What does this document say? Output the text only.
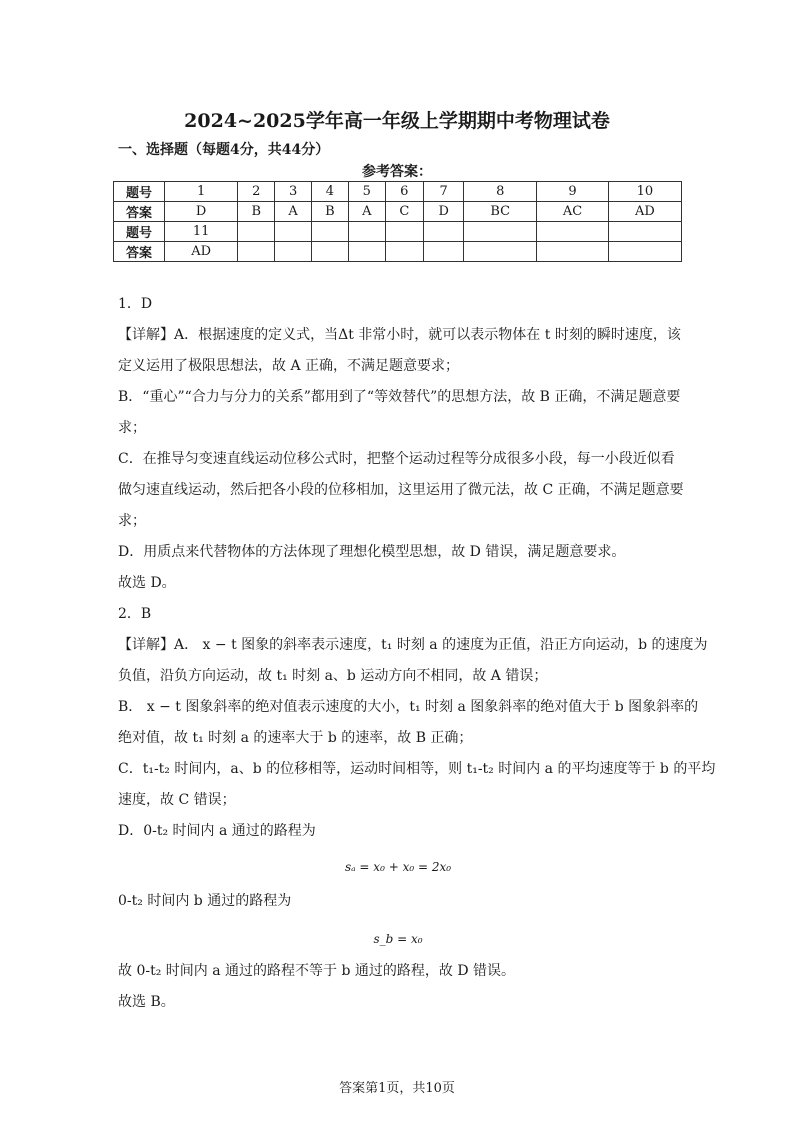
2024~2025学年高一年级上学期期中考物理试卷
一、选择题（每题4分，共44分）
参考答案：
题号	1	2	3	4	5	6	7	8	9	10
答案	D	B	A	B	A	C	D	BC	AC	AD
题号	11									
答案	AD									
1．D
【详解】A．根据速度的定义式，当Δt 非常小时，就可以表示物体在 t 时刻的瞬时速度，该
定义运用了极限思想法，故 A 正确，不满足题意要求；
B．“重心”“合力与分力的关系”都用到了“等效替代”的思想方法，故 B 正确，不满足题意要
求；
C．在推导匀变速直线运动位移公式时，把整个运动过程等分成很多小段，每一小段近似看
做匀速直线运动，然后把各小段的位移相加，这里运用了微元法，故 C 正确，不满足题意要
求；
D．用质点来代替物体的方法体现了理想化模型思想，故 D 错误，满足题意要求。
故选 D。
2．B
【详解】A． x − t 图象的斜率表示速度，t₁ 时刻 a 的速度为正值，沿正方向运动，b 的速度为
负值，沿负方向运动，故 t₁ 时刻 a、b 运动方向不相同，故 A 错误；
B． x − t 图象斜率的绝对值表示速度的大小，t₁ 时刻 a 图象斜率的绝对值大于 b 图象斜率的
绝对值，故 t₁ 时刻 a 的速率大于 b 的速率，故 B 正确；
C．t₁-t₂ 时间内，a、b 的位移相等，运动时间相等，则 t₁-t₂ 时间内 a 的平均速度等于 b 的平均
速度，故 C 错误；
D．0-t₂ 时间内 a 通过的路程为
sₐ = x₀ + x₀ = 2x₀
0-t₂ 时间内 b 通过的路程为
s_b = x₀
故 0-t₂ 时间内 a 通过的路程不等于 b 通过的路程，故 D 错误。
故选 B。
答案第1页，共10页
